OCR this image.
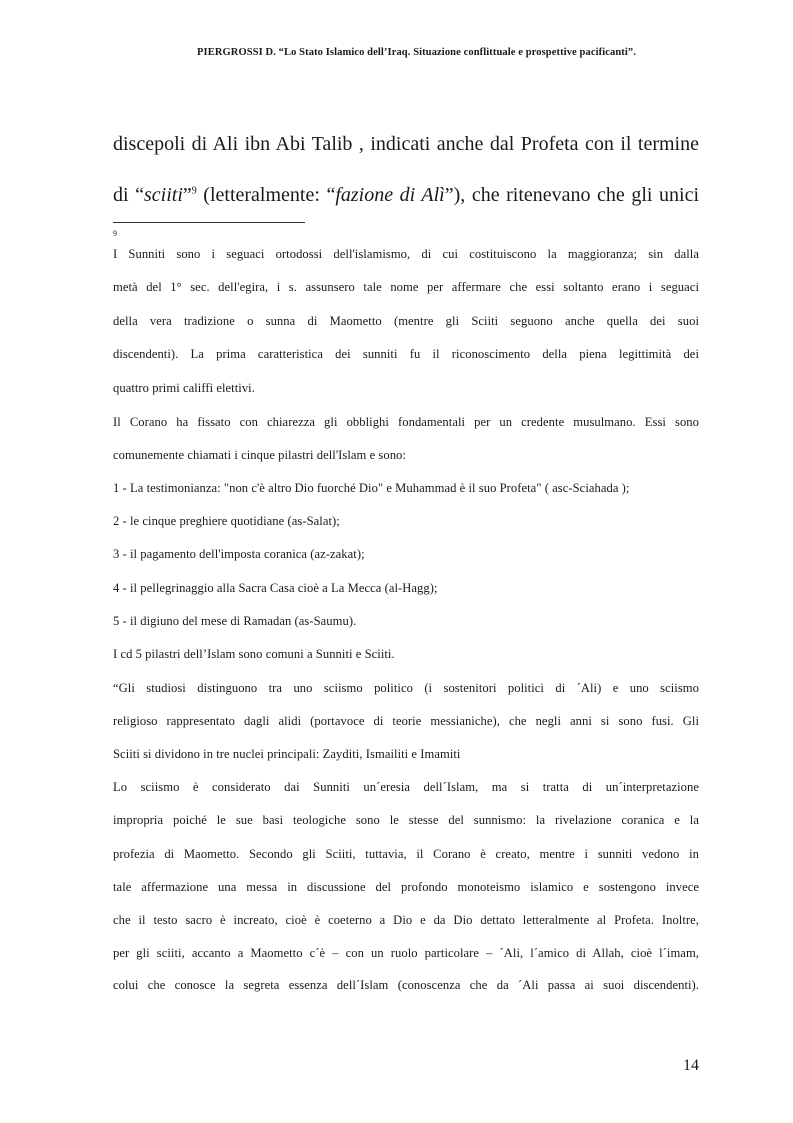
PIERGROSSI D. “Lo Stato Islamico dell’Iraq. Situazione conflittuale e prospettive pacificanti”.
discepoli di Ali ibn Abi Talib , indicati anche dal Profeta con il termine
di “sciiti”$^9$ (letteralmente: “fazione di Alì”), che ritenevano che gli unici
9
I Sunniti sono i seguaci ortodossi dell'islamismo, di cui costituiscono la maggioranza; sin dalla
metà del 1° sec. dell'egira, i s. assunsero tale nome per affermare che essi soltanto erano i seguaci
della vera tradizione o sunna di Maometto (mentre gli Sciiti seguono anche quella dei suoi
discendenti). La prima caratteristica dei sunniti fu il riconoscimento della piena legittimità dei
quattro primi califfi elettivi.
Il Corano ha fissato con chiarezza gli obblighi fondamentali per un credente musulmano. Essi sono
comunemente chiamati i cinque pilastri dell'Islam e sono:
1 - La testimonianza: "non c'è altro Dio fuorché Dio" e Muhammad è il suo Profeta" ( asc-Sciahada );
2 - le cinque preghiere quotidiane (as-Salat);
3 - il pagamento dell'imposta coranica (az-zakat);
4 - il pellegrinaggio alla Sacra Casa cioè a La Mecca (al-Hagg);
5 - il digiuno del mese di Ramadan (as-Saumu).
I cd 5 pilastri dell’Islam sono comuni a Sunniti e Sciiti.
“Gli studiosi distinguono tra uno sciismo politico (i sostenitori politici di ´Ali) e uno sciismo
religioso rappresentato dagli alidi (portavoce di teorie messianiche), che negli anni si sono fusi. Gli
Sciiti si dividono in tre nuclei principali: Zayditi, Ismailiti e Imamiti
Lo sciismo è considerato dai Sunniti un´eresia dell´Islam, ma si tratta di un´interpretazione
impropria poiché le sue basi teologiche sono le stesse del sunnismo: la rivelazione coranica e la
profezia di Maometto. Secondo gli Sciiti, tuttavia, il Corano è creato, mentre i sunniti vedono in
tale affermazione una messa in discussione del profondo monoteismo islamico e sostengono invece
che il testo sacro è increato, cioè è coeterno a Dio e da Dio dettato letteralmente al Profeta. Inoltre,
per gli sciiti, accanto a Maometto c´è – con un ruolo particolare – ´Ali, l´amico di Allah, cioè l´imam,
colui che conosce la segreta essenza dell´Islam (conoscenza che da ´Ali passa ai suoi discendenti).
14
